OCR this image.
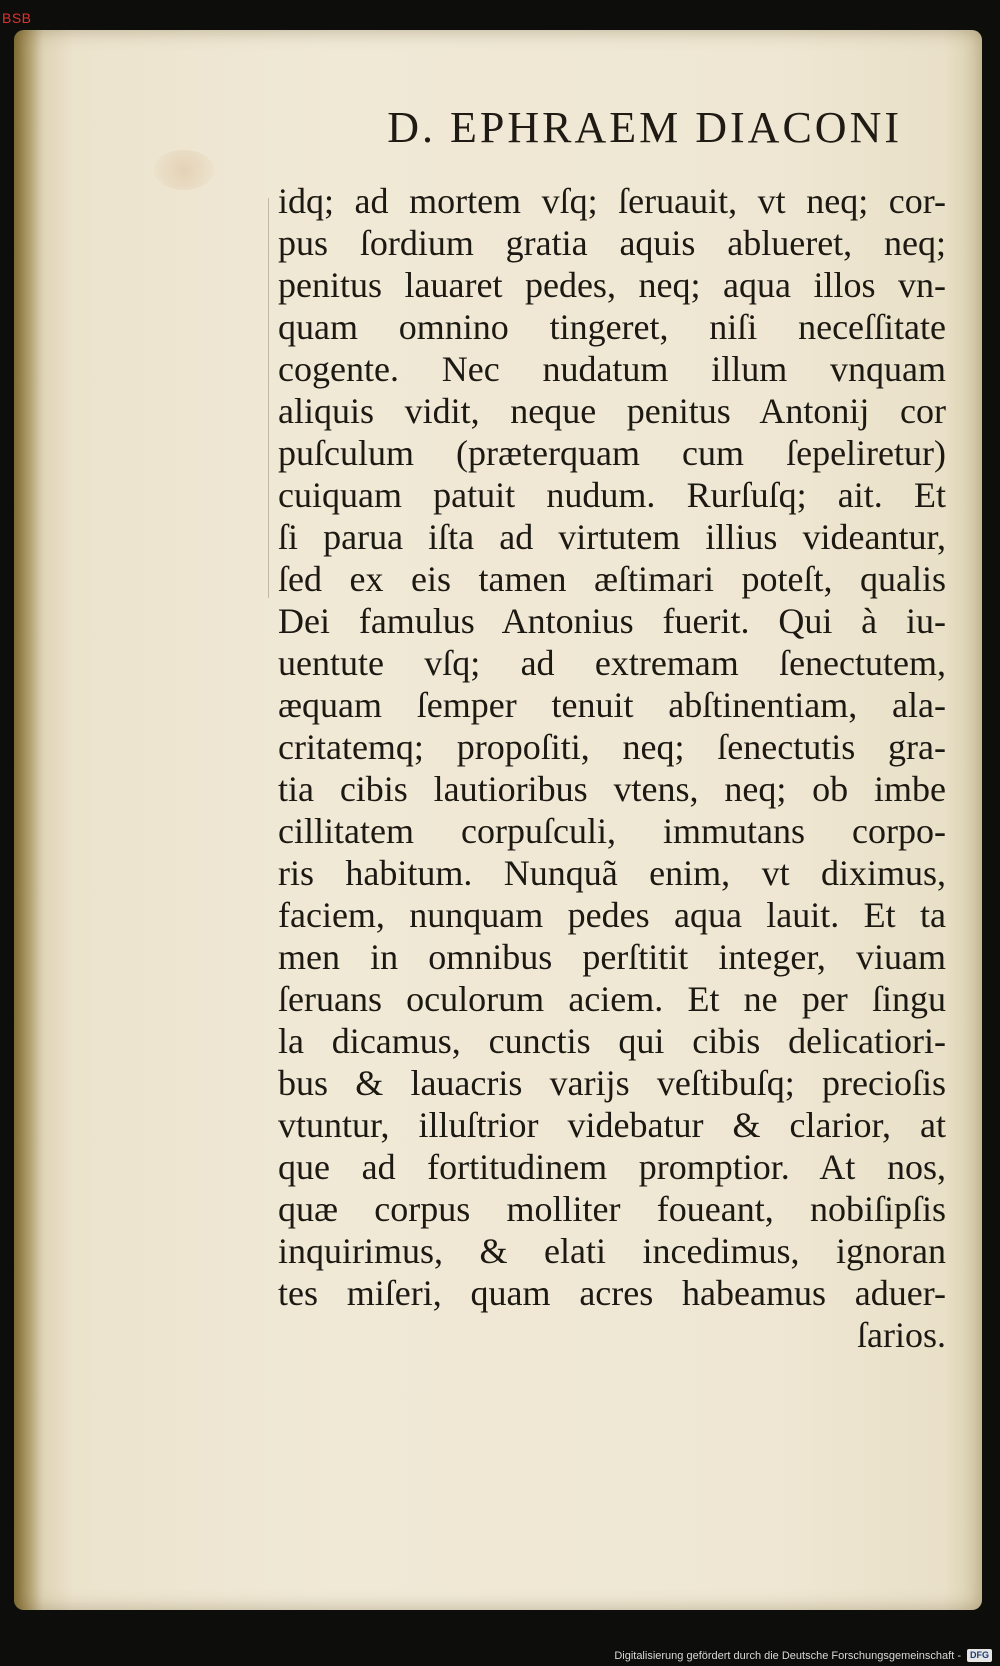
BSB
D. EPHRAEM DIACONI
idq; ad mortem vſq; ſeruauit, vt neq; cor-
pus ſordium gratia aquis ablueret, neq;
penitus lauaret pedes, neq; aqua illos vn-
quam omnino tingeret, niſi neceſſitate
cogente. Nec nudatum illum vnquam
aliquis vidit, neque penitus Antonij cor
puſculum (præterquam cum ſepeliretur)
cuiquam patuit nudum. Rurſuſq; ait. Et
ſi parua iſta ad virtutem illius videantur,
ſed ex eis tamen æſtimari poteſt, qualis
Dei famulus Antonius fuerit. Qui à iu-
uentute vſq; ad extremam ſenectutem,
æquam ſemper tenuit abſtinentiam, ala-
critatemq; propoſiti, neq; ſenectutis gra-
tia cibis lautioribus vtens, neq; ob imbe
cillitatem corpuſculi, immutans corpo-
ris habitum. Nunquã enim, vt diximus,
faciem, nunquam pedes aqua lauit. Et ta
men in omnibus perſtitit integer, viuam
ſeruans oculorum aciem. Et ne per ſingu
la dicamus, cunctis qui cibis delicatiori-
bus & lauacris varijs veſtibuſq; precioſis
vtuntur, illuſtrior videbatur & clarior, at
que ad fortitudinem promptior. At nos,
quæ corpus molliter foueant, nobiſipſis
inquirimus, & elati incedimus, ignoran
tes miſeri, quam acres habeamus aduer-
ſarios.
Digitalisierung gefördert durch die Deutsche Forschungsgemeinschaft -	DFG
